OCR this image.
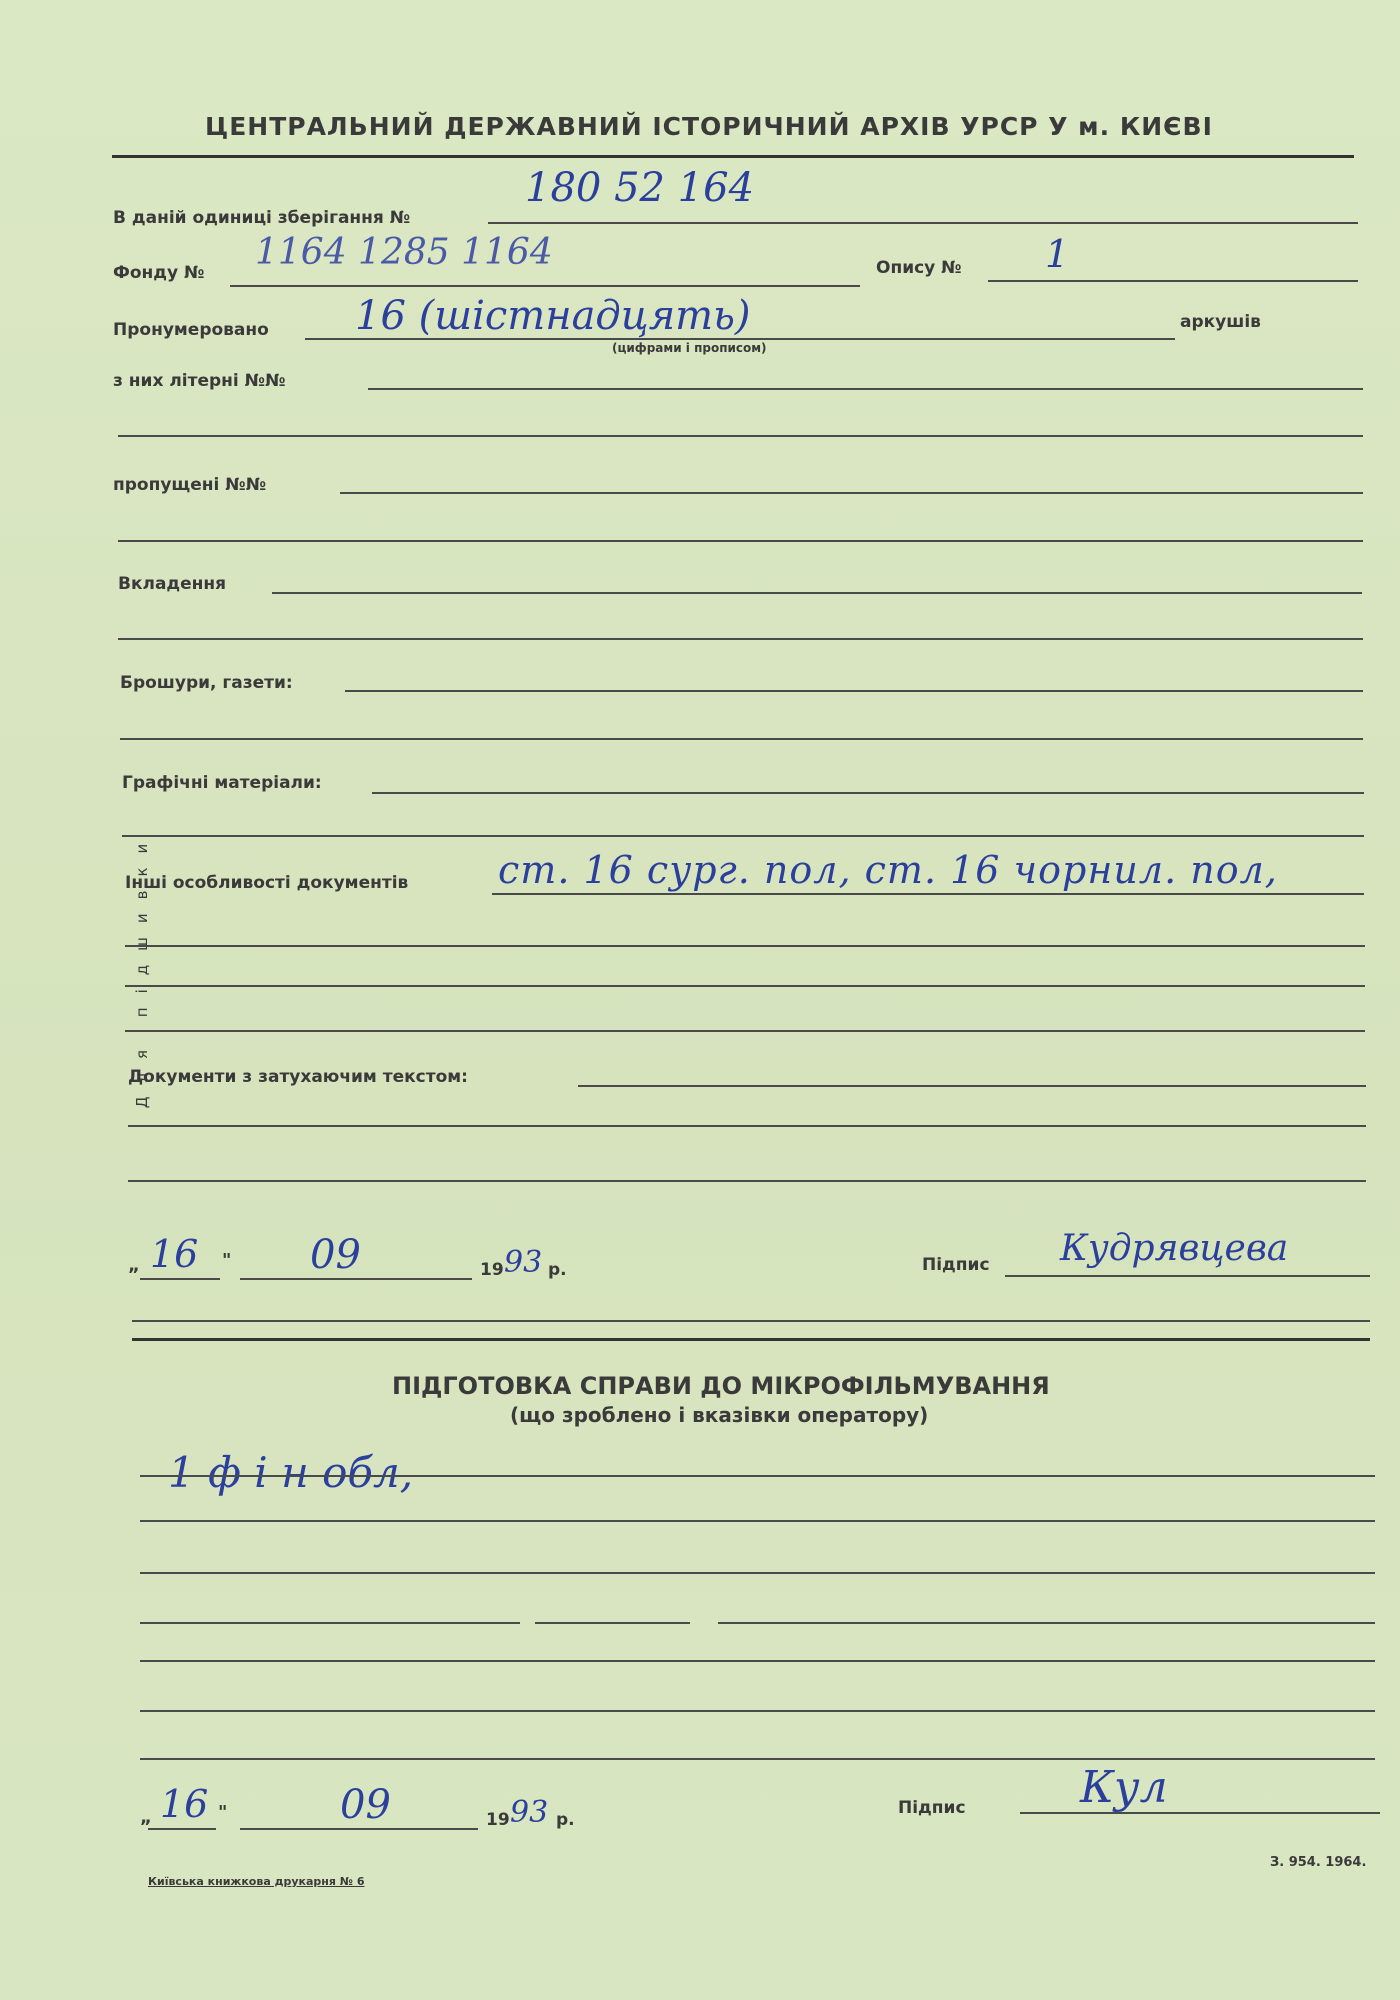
ЦЕНТРАЛЬНИЙ ДЕРЖАВНИЙ ІСТОРИЧНИЙ АРХІВ УРСР У м. КИЄВІ
В даній одиниці зберігання №
180 52 164
Фонду № 1164 1285 1164	Опису № 1
Пронумеровано 16 (шістнадцять)	аркушів
(цифрами і прописом)
з них літерні №№
пропущені №№
Вкладення
Брошури, газети:
Графічні матеріали:
Для підшивки
Інші особливості документів ст. 16 сург. пол, ст. 16 чорнил. пол,
Документи з затухаючим текстом:
„ 16 " 09	19 93 р.	Підпис Кудрявцева
ПІДГОТОВКА СПРАВИ ДО МІКРОФІЛЬМУВАННЯ
(що зроблено і вказівки оператору)
1 ф і н обл,
„ 16 "	09	19 93 р.
Підпис	Кул
Київська книжкова друкарня № 6
З. 954. 1964.
